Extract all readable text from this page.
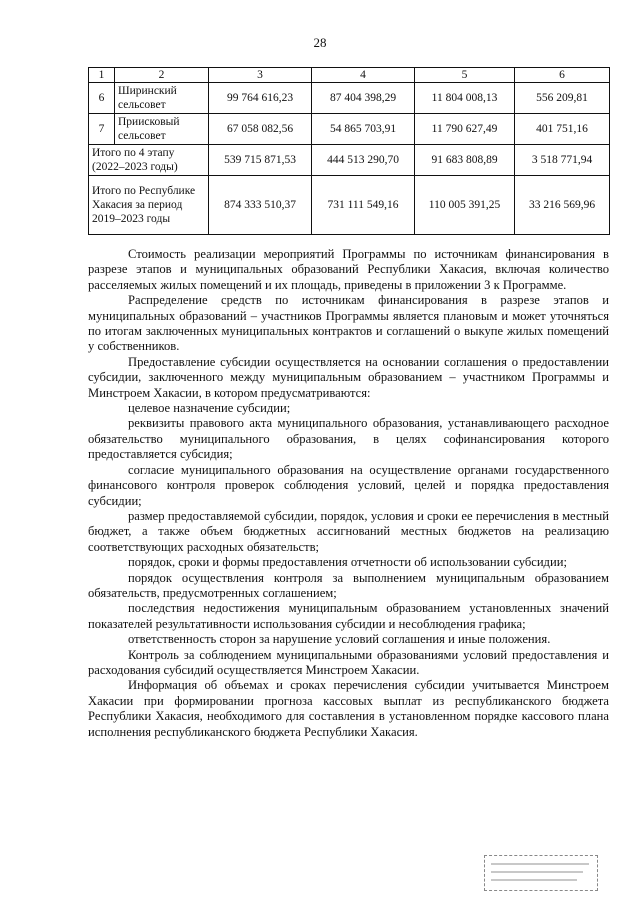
28
1	2	3	4	5	6
6	Ширинский сельсовет	99 764 616,23	87 404 398,29	11 804 008,13	556 209,81
7	Приисковый сельсовет	67 058 082,56	54 865 703,91	11 790 627,49	401 751,16
Итого по 4 этапу (2022–2023 годы)		539 715 871,53	444 513 290,70	91 683 808,89	3 518 771,94
Итого по Республике Хакасия за период 2019–2023 годы		874 333 510,37	731 111 549,16	110 005 391,25	33 216 569,96

Стоимость реализации мероприятий Программы по источникам финансирования в разрезе этапов и муниципальных образований Республики Хакасия, включая количество расселяемых жилых помещений и их площадь, приведены в приложении 3 к Программе.

Распределение средств по источникам финансирования в разрезе этапов и муниципальных образований – участников Программы является плановым и может уточняться по итогам заключенных муниципальных контрактов и соглашений о выкупе жилых помещений у собственников.

Предоставление субсидии осуществляется на основании соглашения о предоставлении субсидии, заключенного между муниципальным образованием – участником Программы и Минстроем Хакасии, в котором предусматриваются:

целевое назначение субсидии;

реквизиты правового акта муниципального образования, устанавливающего расходное обязательство муниципального образования, в целях софинансирования которого предоставляется субсидия;

согласие муниципального образования на осуществление органами государственного финансового контроля проверок соблюдения условий, целей и порядка предоставления субсидии;

размер предоставляемой субсидии, порядок, условия и сроки ее перечисления в местный бюджет, а также объем бюджетных ассигнований местных бюджетов на реализацию соответствующих расходных обязательств;

порядок, сроки и формы предоставления отчетности об использовании субсидии;

порядок осуществления контроля за выполнением муниципальным образованием обязательств, предусмотренных соглашением;

последствия недостижения муниципальным образованием установленных значений показателей результативности использования субсидии и несоблюдения графика;

ответственность сторон за нарушение условий соглашения и иные положения.

Контроль за соблюдением муниципальными образованиями условий предоставления и расходования субсидий осуществляется Минстроем Хакасии.

Информация об объемах и сроках перечисления субсидии учитывается Минстроем Хакасии при формировании прогноза кассовых выплат из республиканского бюджета Республики Хакасия, необходимого для составления в установленном порядке кассового плана исполнения республиканского бюджета Республики Хакасия.
